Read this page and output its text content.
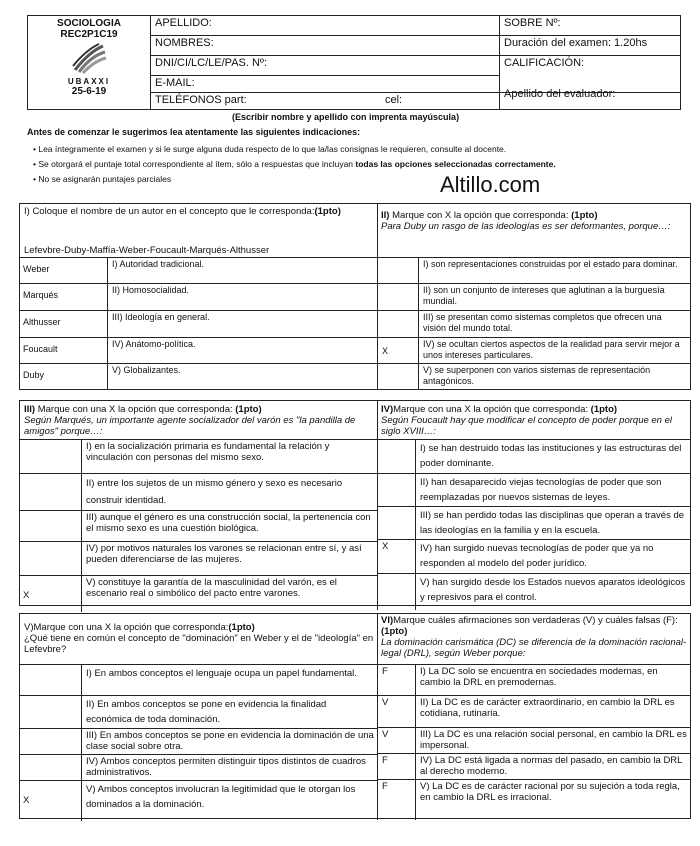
SOCIOLOGIA
REC2P1C19
UBAXXI
25-6-19	APELLIDO:	SOBRE Nº:

	NOMBRES:	Duración del examen: 1.20hs

	DNI/CI/LC/LE/PAS. Nº:	CALIFICACIÓN:

	E-MAIL:	

	TELÉFONOS part: cel:	Apellido del evaluador:
(Escribir nombre y apellido con imprenta mayúscula)
Antes de comenzar le sugerimos lea atentamente las siguientes indicaciones:
• Lea íntegramente el examen y si le surge alguna duda respecto de lo que la/las consignas le requieren, consulte al docente.
• Se otorgará el puntaje total correspondiente al ítem, sólo a respuestas que incluyan todas las opciones seleccionadas correctamente.
• No se asignarán puntajes parciales	Altillo.com
I) Coloque el nombre de un autor en el concepto que le corresponda:(1pto)
Lefevbre-Duby-Maffía-Weber-Foucault-Marqués-Althusser
II) Marque con X la opción que corresponda: (1pto)
Para Duby un rasgo de las ideologías es ser deformantes, porque…:
Weber	I) Autoridad tradicional.

Marqués	II) Homosocialidad.

Althusser	III) Ideología en general.

Foucault	IV) Anátomo-política.

Duby	V) Globalizantes.

	I) son representaciones construidas por el estado para dominar.

	II) son un conjunto de intereses que aglutinan a la burguesía mundial.

	III) se presentan como sistemas completos que ofrecen una visión del mundo total.

X	IV) se ocultan ciertos aspectos de la realidad para servir mejor a unos intereses particulares.

	V) se superponen con varios sistemas de representación antagónicos.
III) Marque con una X la opción que corresponda: (1pto)
Según Marqués, un importante agente socializador del varón es "la pandilla de amigos" porque…:
IV)Marque con una X la opción que corresponda: (1pto)
Según Foucault hay que modificar el concepto de poder porque en el siglo XVIII…:

	I) en la socialización primaria es fundamental la relación y vinculación con personas del mismo sexo.

	II) entre los sujetos de un mismo género y sexo es necesario construir identidad.

	III) aunque el género es una construcción social, la pertenencia con el mismo sexo es una cuestión biológica.

	IV) por motivos naturales los varones se relacionan entre sí, y así pueden diferenciarse de las mujeres.

X	V) constituye la garantía de la masculinidad del varón, es el escenario real o simbólico del pacto entre varones.

	I) se han destruido todas las instituciones y las estructuras del poder dominante.

	II) han desaparecido viejas tecnologías de poder que son reemplazadas por nuevos sistemas de leyes.

	III) se han perdido todas las disciplinas que operan a través de las ideologías en la familia y en la escuela.

X	IV) han surgido nuevas tecnologías de poder que ya no responden al modelo del poder jurídico.

	V) han surgido desde los Estados nuevos aparatos ideológicos y represivos para el control.
V)Marque con una X la opción que corresponda:(1pto)
¿Qué tiene en común el concepto de "dominación" en Weber y el de "ideología" en Lefevbre?
VI)Marque cuáles afirmaciones son verdaderas (V) y cuáles falsas (F):(1pto)
La dominación carismática (DC) se diferencia de la dominación racional-legal (DRL), según Weber porque:

	I) En ambos conceptos el lenguaje ocupa un papel fundamental.

	II) En ambos conceptos se pone en evidencia la finalidad económica de toda dominación.

	III) En ambos conceptos se pone en evidencia la dominación de una clase social sobre otra.

	IV) Ambos conceptos permiten distinguir tipos distintos de cuadros administrativos.

X	V) Ambos conceptos involucran la legitimidad que le otorgan los dominados a la dominación.
F	I) La DC solo se encuentra en sociedades modernas, en cambio la DRL en premodernas.

V	II) La DC es de carácter extraordinario, en cambio la DRL es cotidiana, rutinaria.

V	III) La DC es una relación social personal, en cambio la DRL es impersonal.

F	IV) La DC está ligada a normas del pasado, en cambio la DRL al derecho moderno.

F	V) La DC es de carácter racional por su sujeción a toda regla, en cambio la DRL es irracional.
